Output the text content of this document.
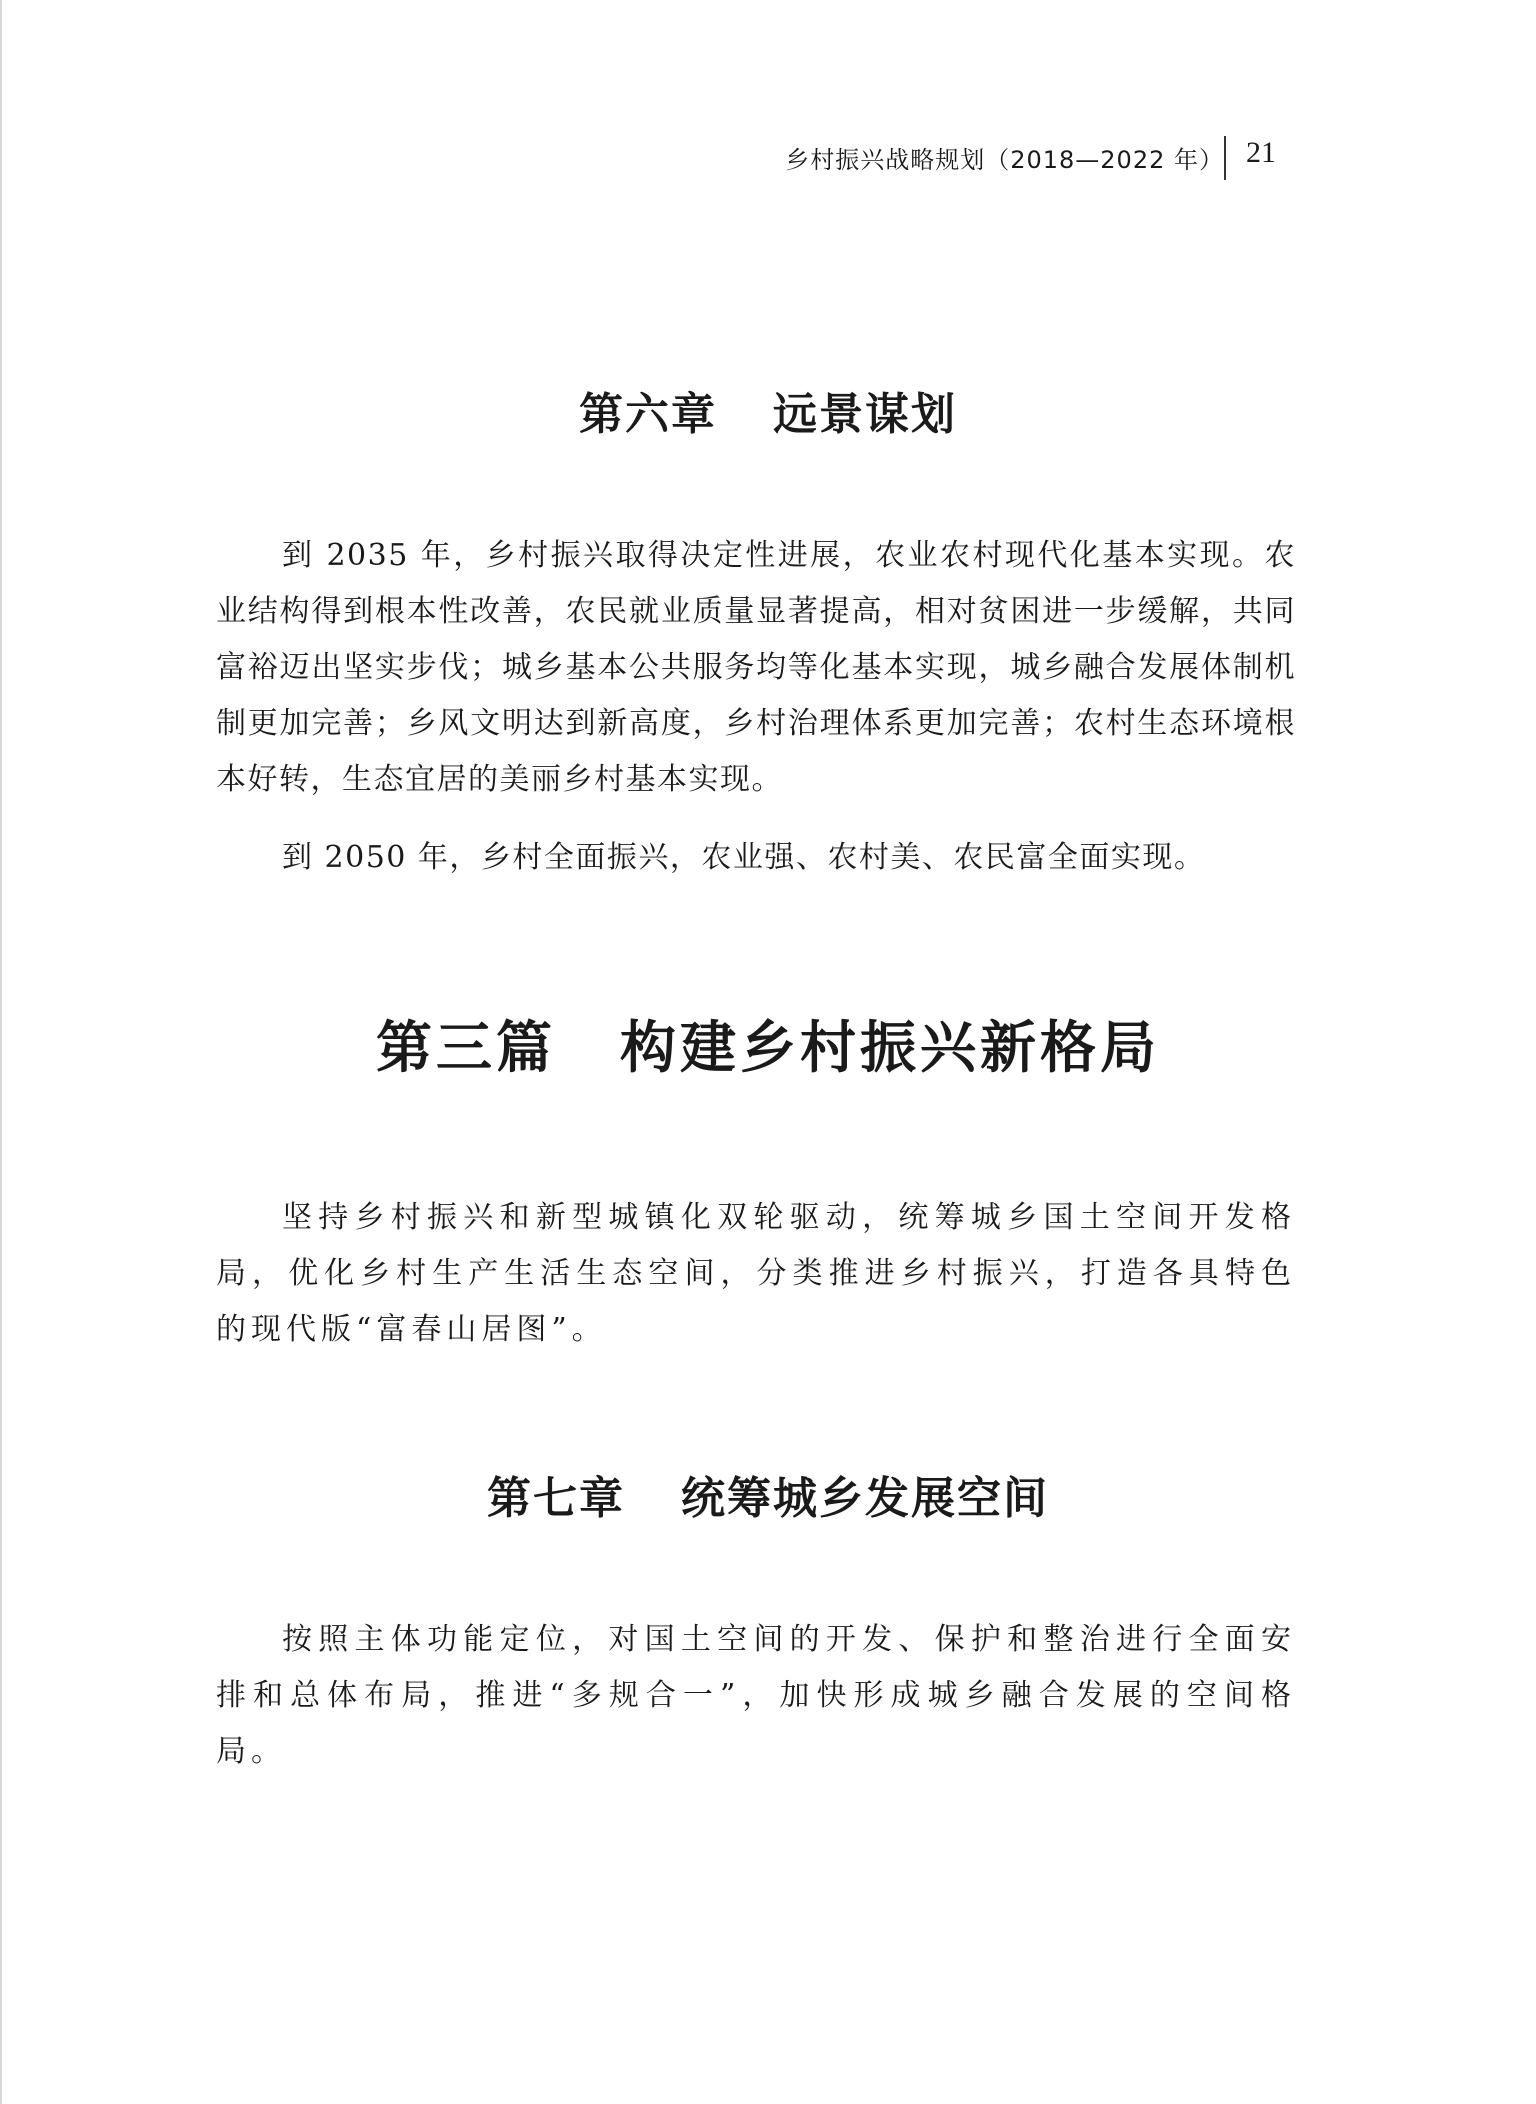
乡村振兴战略规划（2018—2022 年） 21
第六章 远景谋划

到 2035 年，乡村振兴取得决定性进展，农业农村现代化基本实现。农业结构得到根本性改善，农民就业质量显著提高，相对贫困进一步缓解，共同富裕迈出坚实步伐；城乡基本公共服务均等化基本实现，城乡融合发展体制机制更加完善；乡风文明达到新高度，乡村治理体系更加完善；农村生态环境根本好转，生态宜居的美丽乡村基本实现。

到 2050 年，乡村全面振兴，农业强、农村美、农民富全面实现。

第三篇 构建乡村振兴新格局

坚持乡村振兴和新型城镇化双轮驱动，统筹城乡国土空间开发格局，优化乡村生产生活生态空间，分类推进乡村振兴，打造各具特色的现代版“富春山居图”。

第七章 统筹城乡发展空间

按照主体功能定位，对国土空间的开发、保护和整治进行全面安排和总体布局，推进“多规合一”，加快形成城乡融合发展的空间格局。
